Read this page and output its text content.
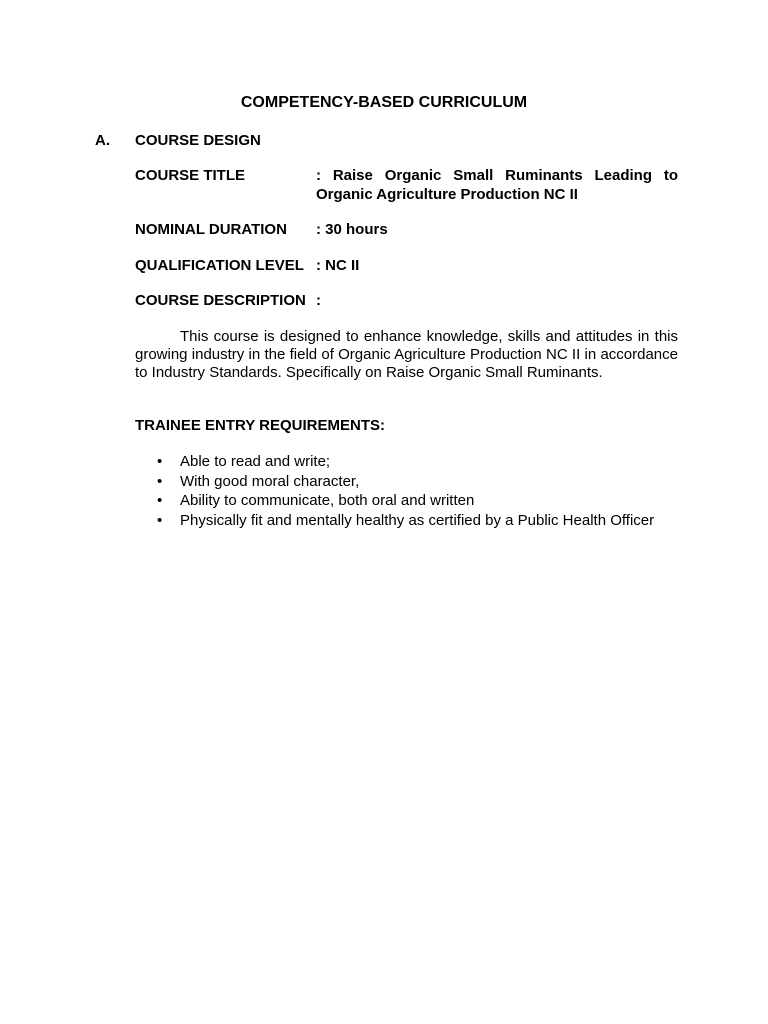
COMPETENCY-BASED CURRICULUM
A. COURSE DESIGN
COURSE TITLE	: Raise Organic Small Ruminants Leading to Organic Agriculture Production NC II
NOMINAL DURATION : 30 hours
QUALIFICATION LEVEL : NC II
COURSE DESCRIPTION :
This course is designed to enhance knowledge, skills and attitudes in this growing industry in the field of Organic Agriculture Production NC II in accordance to Industry Standards. Specifically on Raise Organic Small Ruminants.
TRAINEE ENTRY REQUIREMENTS:
• Able to read and write;
• With good moral character,
• Ability to communicate, both oral and written
• Physically fit and mentally healthy as certified by a Public Health Officer
